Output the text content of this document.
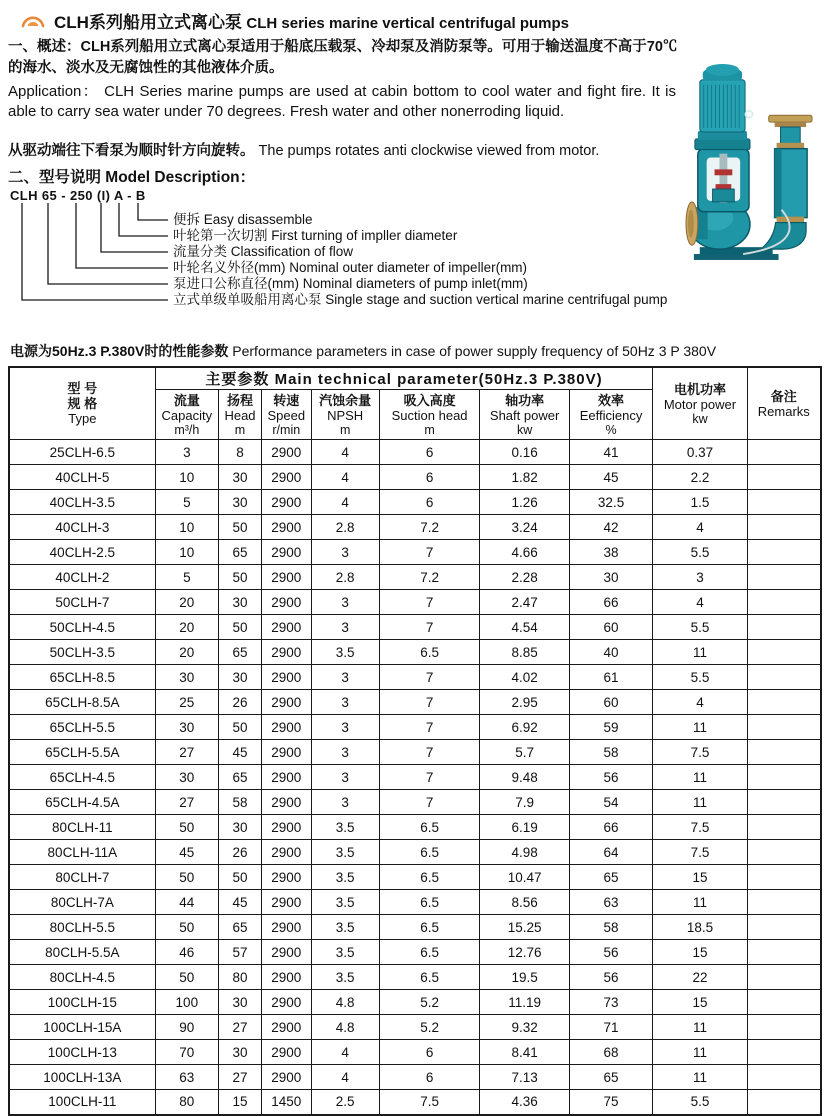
CLH系列船用立式离心泵 CLH series marine vertical centrifugal pumps

一、概述：CLH系列船用立式离心泵适用于船底压载泵、冷却泵及消防泵等。可用于输送温度不高于70℃的海水、淡水及无腐蚀性的其他液体介质。

Application： CLH Series marine pumps are used at cabin bottom to cool water and fight fire. It is able to carry sea water under 70 degrees. Fresh water and other nonerroding liquid.

从驱动端往下看泵为顺时针方向旋转。 The pumps rotates anti clockwise viewed from motor.

二、型号说明 Model Description：
CLH 65 - 250 (I) A - B
便拆 Easy disassemble
叶轮第一次切割 First turning of impller diameter
流量分类 Classification of flow
叶轮名义外径(mm) Nominal outer diameter of impeller(mm)
泵进口公称直径(mm) Nominal diameters of pump inlet(mm)
立式单级单吸船用离心泵 Single stage and suction vertical marine centrifugal pump

电源为50Hz.3 P.380V时的性能参数 Performance parameters in case of power supply frequency of 50Hz 3 P 380V

型 号
规 格
Type	主要参数 Main technical parameter(50Hz.3 P.380V)							电机功率
Motor power
kw	备注
Remarks

	流量
Capacity
m³/h	扬程
Head
m	转速
Speed
r/min	汽蚀余量
NPSH
m	吸入高度
Suction head
m	轴功率
Shaft power
kw	效率
Eefficiency
%		

25CLH-6.5	3	8	2900	4	6	0.16	41	0.37	
40CLH-5	10	30	2900	4	6	1.82	45	2.2	
40CLH-3.5	5	30	2900	4	6	1.26	32.5	1.5	
40CLH-3	10	50	2900	2.8	7.2	3.24	42	4	
40CLH-2.5	10	65	2900	3	7	4.66	38	5.5	
40CLH-2	5	50	2900	2.8	7.2	2.28	30	3	
50CLH-7	20	30	2900	3	7	2.47	66	4	
50CLH-4.5	20	50	2900	3	7	4.54	60	5.5	
50CLH-3.5	20	65	2900	3.5	6.5	8.85	40	11	
65CLH-8.5	30	30	2900	3	7	4.02	61	5.5	
65CLH-8.5A	25	26	2900	3	7	2.95	60	4	
65CLH-5.5	30	50	2900	3	7	6.92	59	11	
65CLH-5.5A	27	45	2900	3	7	5.7	58	7.5	
65CLH-4.5	30	65	2900	3	7	9.48	56	11	
65CLH-4.5A	27	58	2900	3	7	7.9	54	11	
80CLH-11	50	30	2900	3.5	6.5	6.19	66	7.5	
80CLH-11A	45	26	2900	3.5	6.5	4.98	64	7.5	
80CLH-7	50	50	2900	3.5	6.5	10.47	65	15	
80CLH-7A	44	45	2900	3.5	6.5	8.56	63	11	
80CLH-5.5	50	65	2900	3.5	6.5	15.25	58	18.5	
80CLH-5.5A	46	57	2900	3.5	6.5	12.76	56	15	
80CLH-4.5	50	80	2900	3.5	6.5	19.5	56	22	
100CLH-15	100	30	2900	4.8	5.2	11.19	73	15	
100CLH-15A	90	27	2900	4.8	5.2	9.32	71	11	
100CLH-13	70	30	2900	4	6	8.41	68	11	
100CLH-13A	63	27	2900	4	6	7.13	65	11	
100CLH-11	80	15	1450	2.5	7.5	4.36	75	5.5	
